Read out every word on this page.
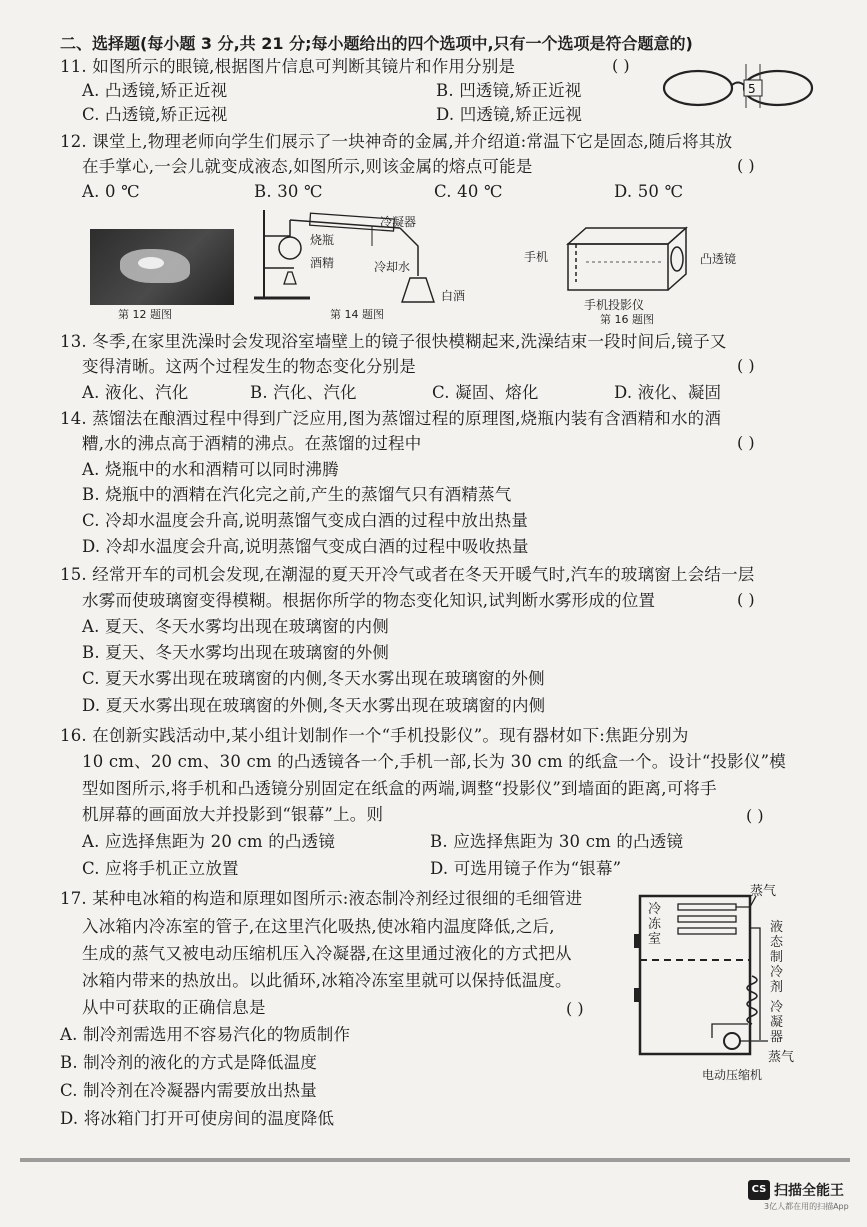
二、选择题(每小题 3 分,共 21 分;每小题给出的四个选项中,只有一个选项是符合题意的)
11. 如图所示的眼镜,根据图片信息可判断其镜片和作用分别是	( )
A. 凸透镜,矫正近视	B. 凹透镜,矫正近视
C. 凸透镜,矫正远视	D. 凹透镜,矫正远视
5
12. 课堂上,物理老师向学生们展示了一块神奇的金属,并介绍道:常温下它是固态,随后将其放
在手掌心,一会儿就变成液态,如图所示,则该金属的熔点可能是	( )
A. 0 ℃	B. 30 ℃	C. 40 ℃	D. 50 ℃
第 12 题图
冷凝器
烧瓶
酒精	冷却水
白酒
第 14 题图
手机	凸透镜
手机投影仪
第 16 题图
13. 冬季,在家里洗澡时会发现浴室墙壁上的镜子很快模糊起来,洗澡结束一段时间后,镜子又
变得清晰。这两个过程发生的物态变化分别是	( )
A. 液化、汽化	B. 汽化、汽化	C. 凝固、熔化	D. 液化、凝固
14. 蒸馏法在酿酒过程中得到广泛应用,图为蒸馏过程的原理图,烧瓶内装有含酒精和水的酒
糟,水的沸点高于酒精的沸点。在蒸馏的过程中	( )
A. 烧瓶中的水和酒精可以同时沸腾
B. 烧瓶中的酒精在汽化完之前,产生的蒸馏气只有酒精蒸气
C. 冷却水温度会升高,说明蒸馏气变成白酒的过程中放出热量
D. 冷却水温度会升高,说明蒸馏气变成白酒的过程中吸收热量
15. 经常开车的司机会发现,在潮湿的夏天开冷气或者在冬天开暖气时,汽车的玻璃窗上会结一层
水雾而使玻璃窗变得模糊。根据你所学的物态变化知识,试判断水雾形成的位置	( )
A. 夏天、冬天水雾均出现在玻璃窗的内侧
B. 夏天、冬天水雾均出现在玻璃窗的外侧
C. 夏天水雾出现在玻璃窗的内侧,冬天水雾出现在玻璃窗的外侧
D. 夏天水雾出现在玻璃窗的外侧,冬天水雾出现在玻璃窗的内侧
16. 在创新实践活动中,某小组计划制作一个“手机投影仪”。现有器材如下:焦距分别为
10 cm、20 cm、30 cm 的凸透镜各一个,手机一部,长为 30 cm 的纸盒一个。设计“投影仪”模
型如图所示,将手机和凸透镜分别固定在纸盒的两端,调整“投影仪”到墙面的距离,可将手
机屏幕的画面放大并投影到“银幕”上。则	( )
A. 应选择焦距为 20 cm 的凸透镜	B. 应选择焦距为 30 cm 的凸透镜
C. 应将手机正立放置	D. 可选用镜子作为“银幕”
17. 某种电冰箱的构造和原理如图所示:液态制冷剂经过很细的毛细管进
入冰箱内冷冻室的管子,在这里汽化吸热,使冰箱内温度降低,之后,
生成的蒸气又被电动压缩机压入冷凝器,在这里通过液化的方式把从
冰箱内带来的热放出。以此循环,冰箱冷冻室里就可以保持低温度。
从中可获取的正确信息是	( )
A. 制冷剂需选用不容易汽化的物质制作
B. 制冷剂的液化的方式是降低温度
C. 制冷剂在冷凝器内需要放出热量
D. 将冰箱门打开可使房间的温度降低
蒸气
冷冻室
液态制冷剂
冷凝器
蒸气
电动压缩机
CS 扫描全能王
3亿人都在用的扫描App
